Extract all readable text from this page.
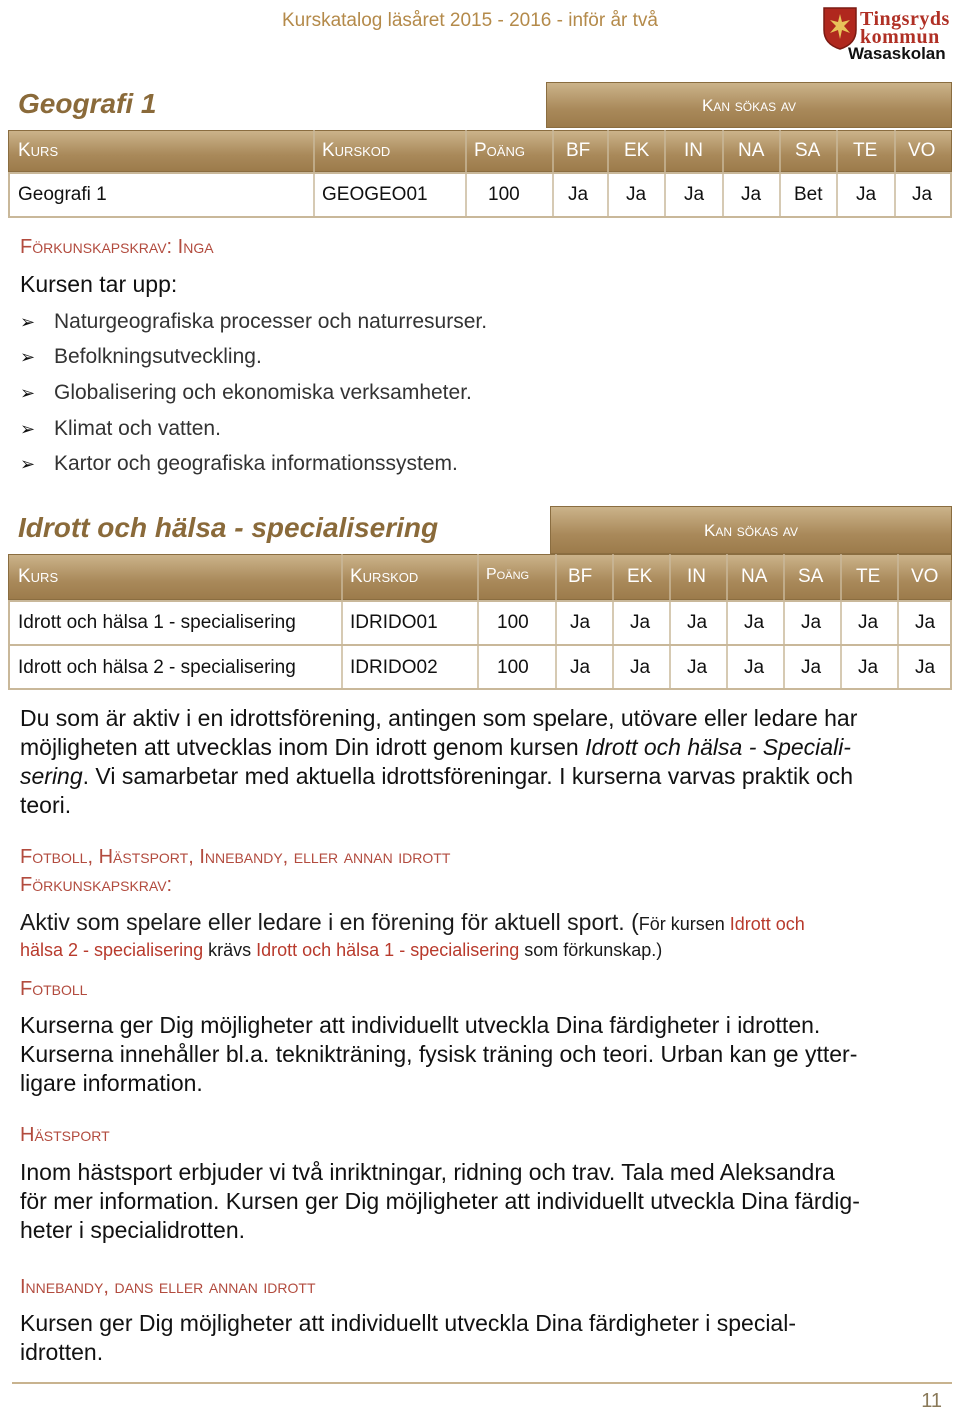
Kurskatalog läsåret 2015 - 2016 - inför år två	Tingsryds
kommun
Wasaskolan
Geografi 1	Kan sökas av
Kurs	Kurskod	Poäng BF EK IN NA SA TE VO
Geografi 1	GEOGEO01	100	Ja Ja Ja Ja Bet Ja Ja
Förkunskapskrav: Inga
Kursen tar upp:
➢ Naturgeografiska processer och naturresurser.
➢ Befolkningsutveckling.
➢ Globalisering och ekonomiska verksamheter.
➢ Klimat och vatten.
➢ Kartor och geografiska informationssystem.
Idrott och hälsa - specialisering	Kan sökas av
Kurs	Kurskod	Poäng BF EK IN NA SA TE VO
Idrott och hälsa 1 - specialisering	IDRIDO01	100 Ja Ja Ja Ja Ja Ja Ja
Idrott och hälsa 2 - specialisering	IDRIDO02	100 Ja Ja Ja Ja Ja Ja Ja
Du som är aktiv i en idrottsförening, antingen som spelare, utövare eller ledare har
möjligheten att utvecklas inom Din idrott genom kursen Idrott och hälsa - Speciali-
sering. Vi samarbetar med aktuella idrottsföreningar. I kurserna varvas praktik och
teori.
Fotboll, Hästsport, Innebandy, eller annan idrott
Förkunskapskrav:
Aktiv som spelare eller ledare i en förening för aktuell sport. (För kursen Idrott och
hälsa 2 - specialisering krävs Idrott och hälsa 1 - specialisering som förkunskap.)
Fotboll
Kurserna ger Dig möjligheter att individuellt utveckla Dina färdigheter i idrotten.
Kurserna innehåller bl.a. teknikträning, fysisk träning och teori. Urban kan ge ytter-
ligare information.
Hästsport
Inom hästsport erbjuder vi två inriktningar, ridning och trav. Tala med Aleksandra
för mer information. Kursen ger Dig möjligheter att individuellt utveckla Dina färdig-
heter i specialidrotten.
Innebandy, dans eller annan idrott
Kursen ger Dig möjligheter att individuellt utveckla Dina färdigheter i special-
idrotten.
11
